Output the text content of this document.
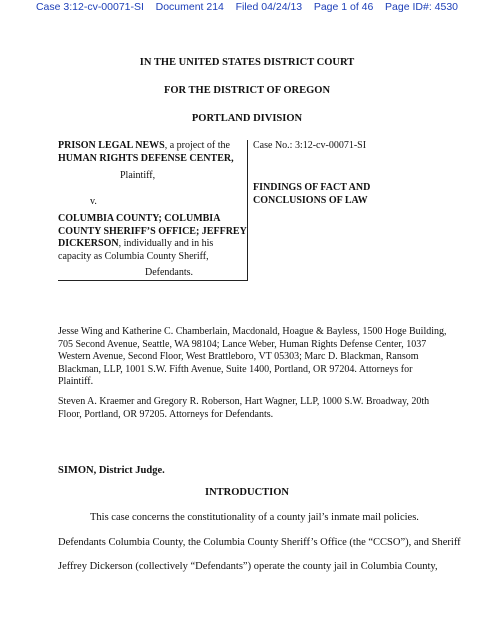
Case 3:12-cv-00071-SI Document 214 Filed 04/24/13 Page 1 of 46 Page ID#: 4530
IN THE UNITED STATES DISTRICT COURT
FOR THE DISTRICT OF OREGON
PORTLAND DIVISION

PRISON LEGAL NEWS, a project of the

HUMAN RIGHTS DEFENSE CENTER,

Plaintiff,
v.

COLUMBIA COUNTY; COLUMBIA

COUNTY SHERIFF’S OFFICE; JEFFREY

DICKERSON, individually and in his

capacity as Columbia County Sheriff,

Defendants.
Case No.: 3:12-cv-00071-SI

FINDINGS OF FACT AND

CONCLUSIONS OF LAW

Jesse Wing and Katherine C. Chamberlain, Macdonald, Hoague & Bayless, 1500 Hoge Building,

705 Second Avenue, Seattle, WA 98104; Lance Weber, Human Rights Defense Center, 1037

Western Avenue, Second Floor, West Brattleboro, VT 05303; Marc D. Blackman, Ransom

Blackman, LLP, 1001 S.W. Fifth Avenue, Suite 1400, Portland, OR 97204. Attorneys for

Plaintiff.

Steven A. Kraemer and Gregory R. Roberson, Hart Wagner, LLP, 1000 S.W. Broadway, 20th

Floor, Portland, OR 97205. Attorneys for Defendants.

SIMON, District Judge.
INTRODUCTION
This case concerns the constitutionality of a county jail’s inmate mail policies.
Defendants Columbia County, the Columbia County Sheriff’s Office (the “CCSO”), and Sheriff
Jeffrey Dickerson (collectively “Defendants”) operate the county jail in Columbia County,
